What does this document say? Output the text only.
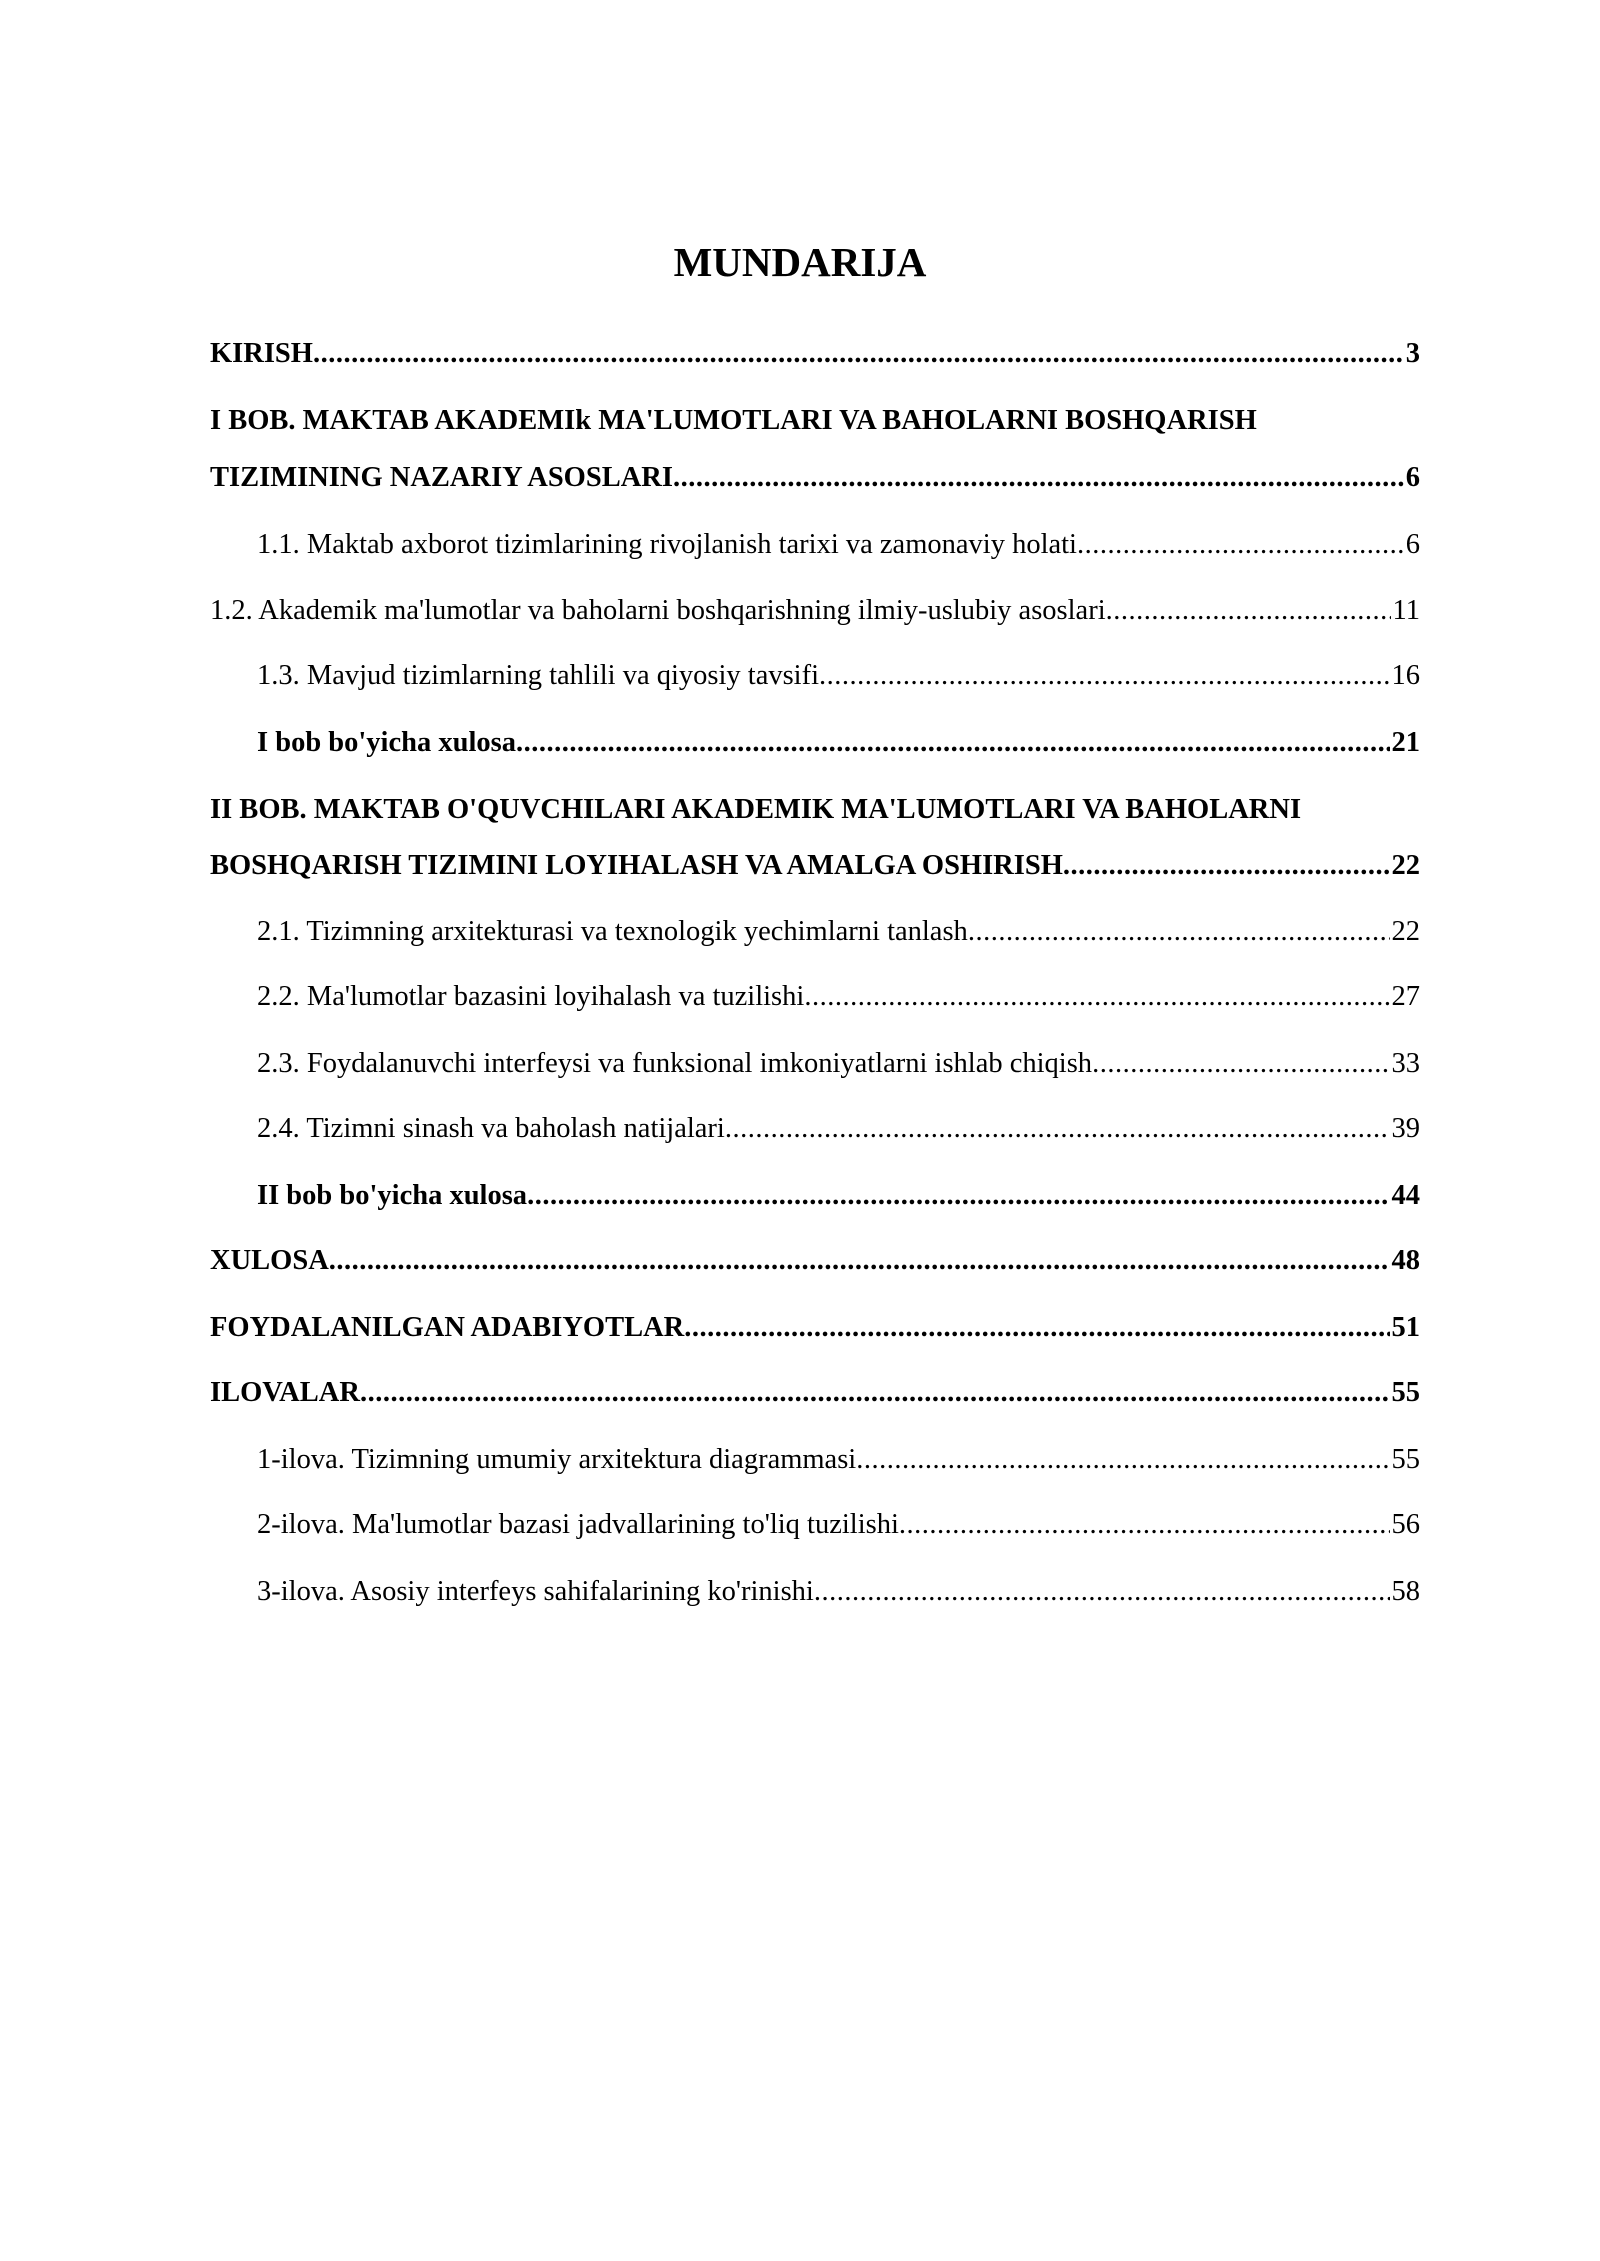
MUNDARIJA
KIRISH .....	3
I BOB. MAKTAB AKADEMIk MA'LUMOTLARI VA BAHOLARNI BOSHQARISH
TIZIMINING NAZARIY ASOSLARI .....	6
1.1. Maktab axborot tizimlarining rivojlanish tarixi va zamonaviy holati .....	6
1.2. Akademik ma'lumotlar va baholarni boshqarishning ilmiy-uslubiy asoslari .....	11
1.3. Mavjud tizimlarning tahlili va qiyosiy tavsifi .....	16
I bob bo'yicha xulosa .....	21
II BOB. MAKTAB O'QUVCHILARI AKADEMIK MA'LUMOTLARI VA BAHOLARNI
BOSHQARISH TIZIMINI LOYIHALASH VA AMALGA OSHIRISH .....	22
2.1. Tizimning arxitekturasi va texnologik yechimlarni tanlash .....	22
2.2. Ma'lumotlar bazasini loyihalash va tuzilishi .....	27
2.3. Foydalanuvchi interfeysi va funksional imkoniyatlarni ishlab chiqish .....	33
2.4. Tizimni sinash va baholash natijalari .....	39
II bob bo'yicha xulosa .....	44
XULOSA .....	48
FOYDALANILGAN ADABIYOTLAR .....	51
ILOVALAR .....	55
1-ilova. Tizimning umumiy arxitektura diagrammasi .....	55
2-ilova. Ma'lumotlar bazasi jadvallarining to'liq tuzilishi .....	56
3-ilova. Asosiy interfeys sahifalarining ko'rinishi .....	58
